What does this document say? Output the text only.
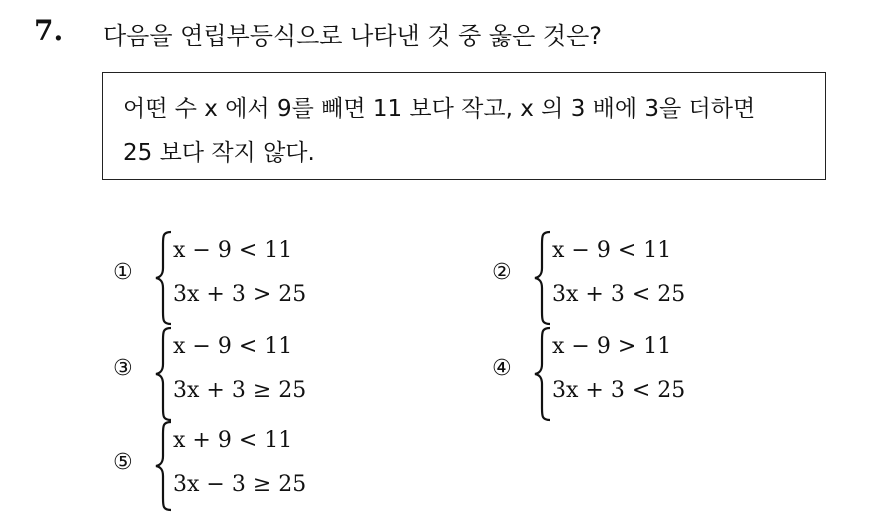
7. 다음을 연립부등식으로 나타낸 것 중 옳은 것은?
어떤 수 x 에서 9를 빼면 11 보다 작고, x 의 3 배에 3을 더하면
25 보다 작지 않다.
①
x − 9 < 11
3x + 3 > 25
②
x − 9 < 11
3x + 3 < 25
③
x − 9 < 11
3x + 3 ≥ 25
④
x − 9 > 11
3x + 3 < 25
⑤
x + 9 < 11
3x − 3 ≥ 25
